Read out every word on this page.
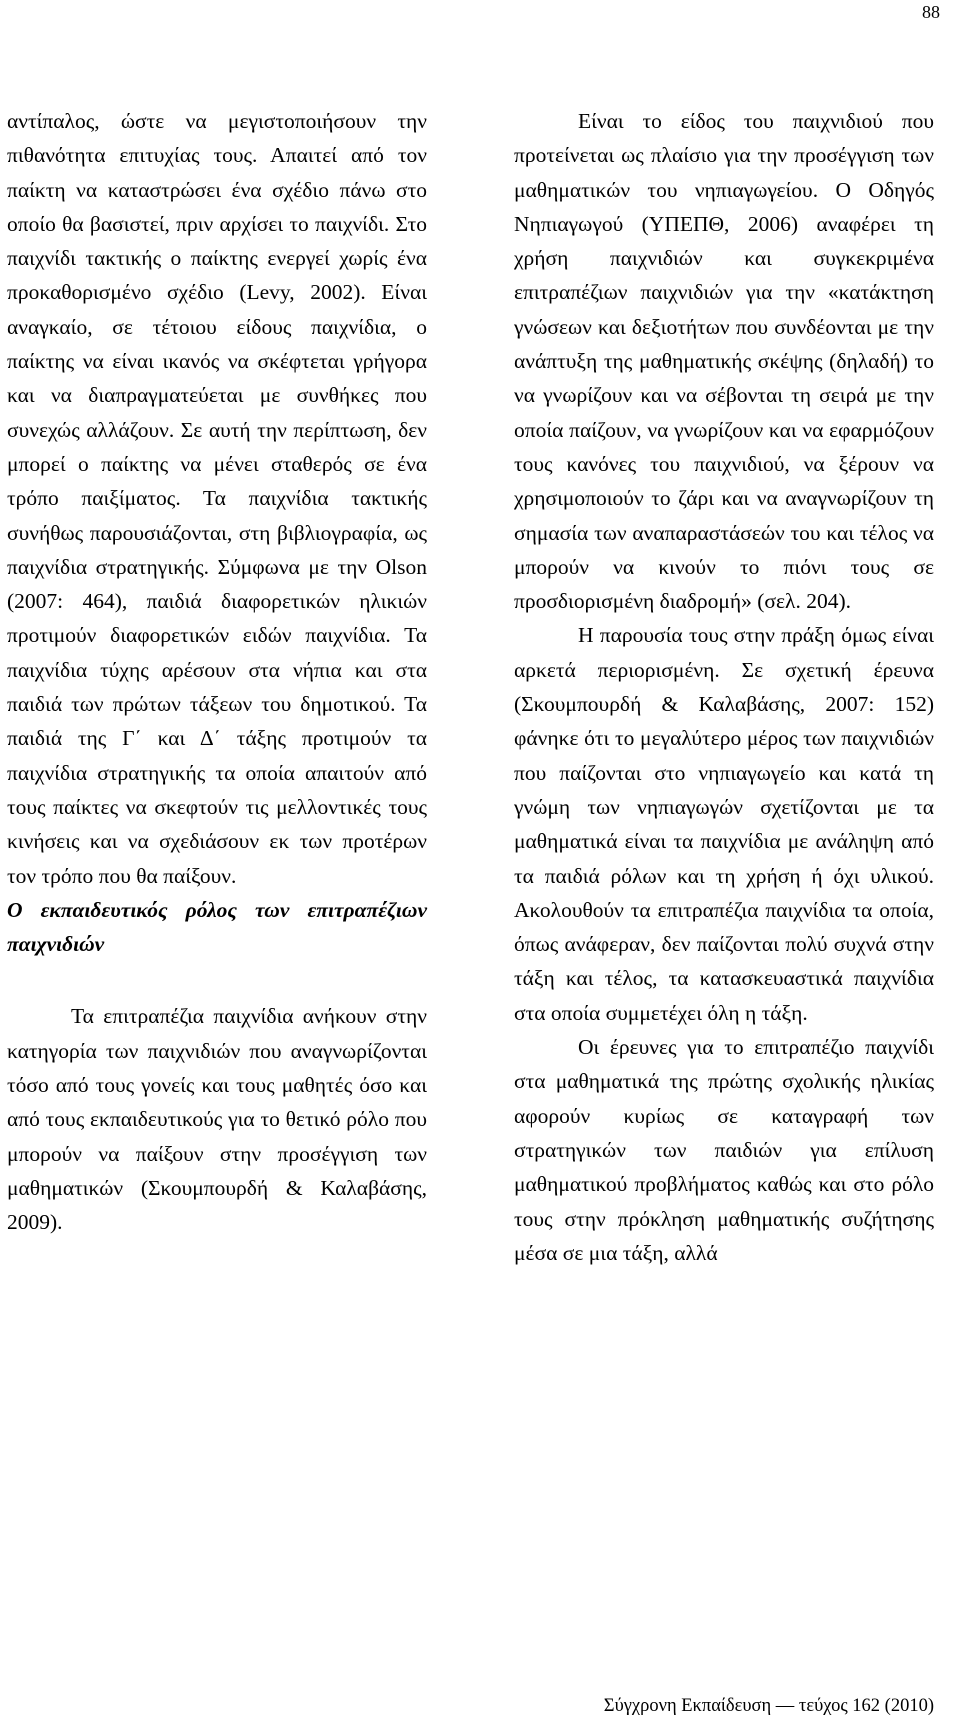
88

αντίπαλος, ώστε να μεγιστοποιήσουν την πιθανότητα επιτυχίας τους. Απαιτεί από τον παίκτη να καταστρώσει ένα σχέδιο πάνω στο οποίο θα βασιστεί, πριν αρχίσει το παιχνίδι. Στο παιχνίδι τακτικής ο παίκτης ενεργεί χωρίς ένα προκαθορισμένο σχέδιο (Levy, 2002). Είναι αναγκαίο, σε τέτοιου είδους παιχνίδια, ο παίκτης να είναι ικανός να σκέφτεται γρήγορα και να διαπραγματεύεται με συνθήκες που συνεχώς αλλάζουν. Σε αυτή την περίπτωση, δεν μπορεί ο παίκτης να μένει σταθερός σε ένα τρόπο παιξίματος. Τα παιχνίδια τακτικής συνήθως παρουσιάζονται, στη βιβλιογραφία, ως παιχνίδια στρατηγικής. Σύμφωνα με την Olson (2007: 464), παιδιά διαφορετικών ηλικιών προτιμούν διαφορετικών ειδών παιχνίδια. Τα παιχνίδια τύχης αρέσουν στα νήπια και στα παιδιά των πρώτων τάξεων του δημοτικού. Τα παιδιά της Γ΄ και Δ΄ τάξης προτιμούν τα παιχνίδια στρατηγικής τα οποία απαιτούν από τους παίκτες να σκεφτούν τις μελλοντικές τους κινήσεις και να σχεδιάσουν εκ των προτέρων τον τρόπο που θα παίξουν.

Ο εκπαιδευτικός ρόλος των επιτραπέζιων παιχνιδιών

Τα επιτραπέζια παιχνίδια ανήκουν στην κατηγορία των παιχνιδιών που αναγνωρίζονται τόσο από τους γονείς και τους μαθητές όσο και από τους εκπαιδευτικούς για το θετικό ρόλο που μπορούν να παίξουν στην προσέγγιση των μαθηματικών (Σκουμπουρδή & Καλαβάσης, 2009).

Είναι το είδος του παιχνιδιού που προτείνεται ως πλαίσιο για την προσέγγιση των μαθηματικών του νηπιαγωγείου. Ο Οδηγός Νηπιαγωγού (ΥΠΕΠΘ, 2006) αναφέρει τη χρήση παιχνιδιών και συγκεκριμένα επιτραπέζιων παιχνιδιών για την «κατάκτηση γνώσεων και δεξιοτήτων που συνδέονται με την ανάπτυξη της μαθηματικής σκέψης (δηλαδή) το να γνωρίζουν και να σέβονται τη σειρά με την οποία παίζουν, να γνωρίζουν και να εφαρμόζουν τους κανόνες του παιχνιδιού, να ξέρουν να χρησιμοποιούν το ζάρι και να αναγνωρίζουν τη σημασία των αναπαραστάσεών του και τέλος να μπορούν να κινούν το πιόνι τους σε προσδιορισμένη διαδρομή» (σελ. 204).

Η παρουσία τους στην πράξη όμως είναι αρκετά περιορισμένη. Σε σχετική έρευνα (Σκουμπουρδή & Καλαβάσης, 2007: 152) φάνηκε ότι το μεγαλύτερο μέρος των παιχνιδιών που παίζονται στο νηπιαγωγείο και κατά τη γνώμη των νηπιαγωγών σχετίζονται με τα μαθηματικά είναι τα παιχνίδια με ανάληψη από τα παιδιά ρόλων και τη χρήση ή όχι υλικού. Ακολουθούν τα επιτραπέζια παιχνίδια τα οποία, όπως ανάφεραν, δεν παίζονται πολύ συχνά στην τάξη και τέλος, τα κατασκευαστικά παιχνίδια στα οποία συμμετέχει όλη η τάξη.

Οι έρευνες για το επιτραπέζιο παιχνίδι στα μαθηματικά της πρώτης σχολικής ηλικίας αφορούν κυρίως σε καταγραφή των στρατηγικών των παιδιών για επίλυση μαθηματικού προβλήματος καθώς και στο ρόλο τους στην πρόκληση μαθηματικής συζήτησης μέσα σε μια τάξη, αλλά

Σύγχρονη Εκπαίδευση — τεύχος 162 (2010)
